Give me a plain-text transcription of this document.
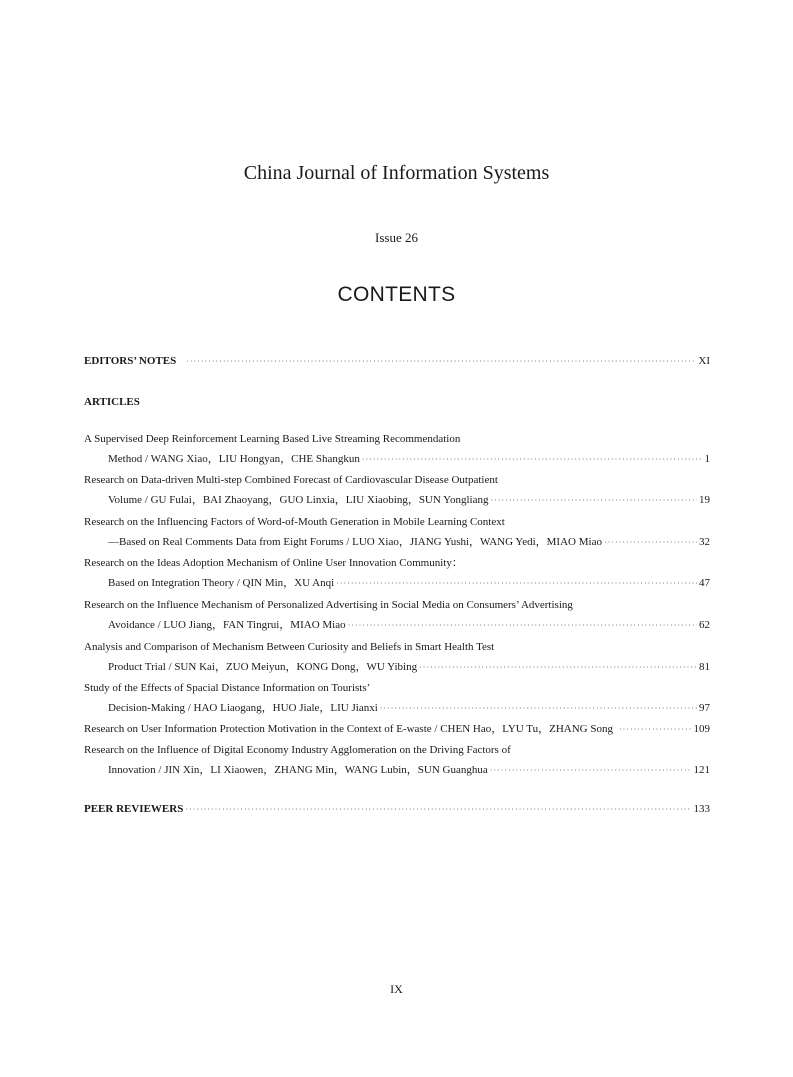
China Journal of Information Systems
Issue 26
CONTENTS
EDITORS’ NOTES ·····	XI
ARTICLES
A Supervised Deep Reinforcement Learning Based Live Streaming Recommendation
Method / WANG Xiao，LIU Hongyan，CHE Shangkun ·····	1
Research on Data-driven Multi-step Combined Forecast of Cardiovascular Disease Outpatient
Volume / GU Fulai，BAI Zhaoyang，GUO Linxia，LIU Xiaobing，SUN Yongliang ·····	19
Research on the Influencing Factors of Word-of-Mouth Generation in Mobile Learning Context
—Based on Real Comments Data from Eight Forums / LUO Xiao，JIANG Yushi，WANG Yedi，MIAO Miao ·····	32
Research on the Ideas Adoption Mechanism of Online User Innovation Community：
Based on Integration Theory / QIN Min，XU Anqi ·····	47
Research on the Influence Mechanism of Personalized Advertising in Social Media on Consumers’ Advertising
Avoidance / LUO Jiang，FAN Tingrui，MIAO Miao ·····	62
Analysis and Comparison of Mechanism Between Curiosity and Beliefs in Smart Health Test
Product Trial / SUN Kai，ZUO Meiyun，KONG Dong，WU Yibing ·····	81
Study of the Effects of Spacial Distance Information on Tourists’
Decision-Making / HAO Liaogang，HUO Jiale，LIU Jianxi ·····	97
Research on User Information Protection Motivation in the Context of E-waste / CHEN Hao，LYU Tu，ZHANG Song ·····	109
Research on the Influence of Digital Economy Industry Agglomeration on the Driving Factors of
Innovation / JIN Xin，LI Xiaowen，ZHANG Min，WANG Lubin，SUN Guanghua ·····	121
PEER REVIEWERS ·····	133
IX
